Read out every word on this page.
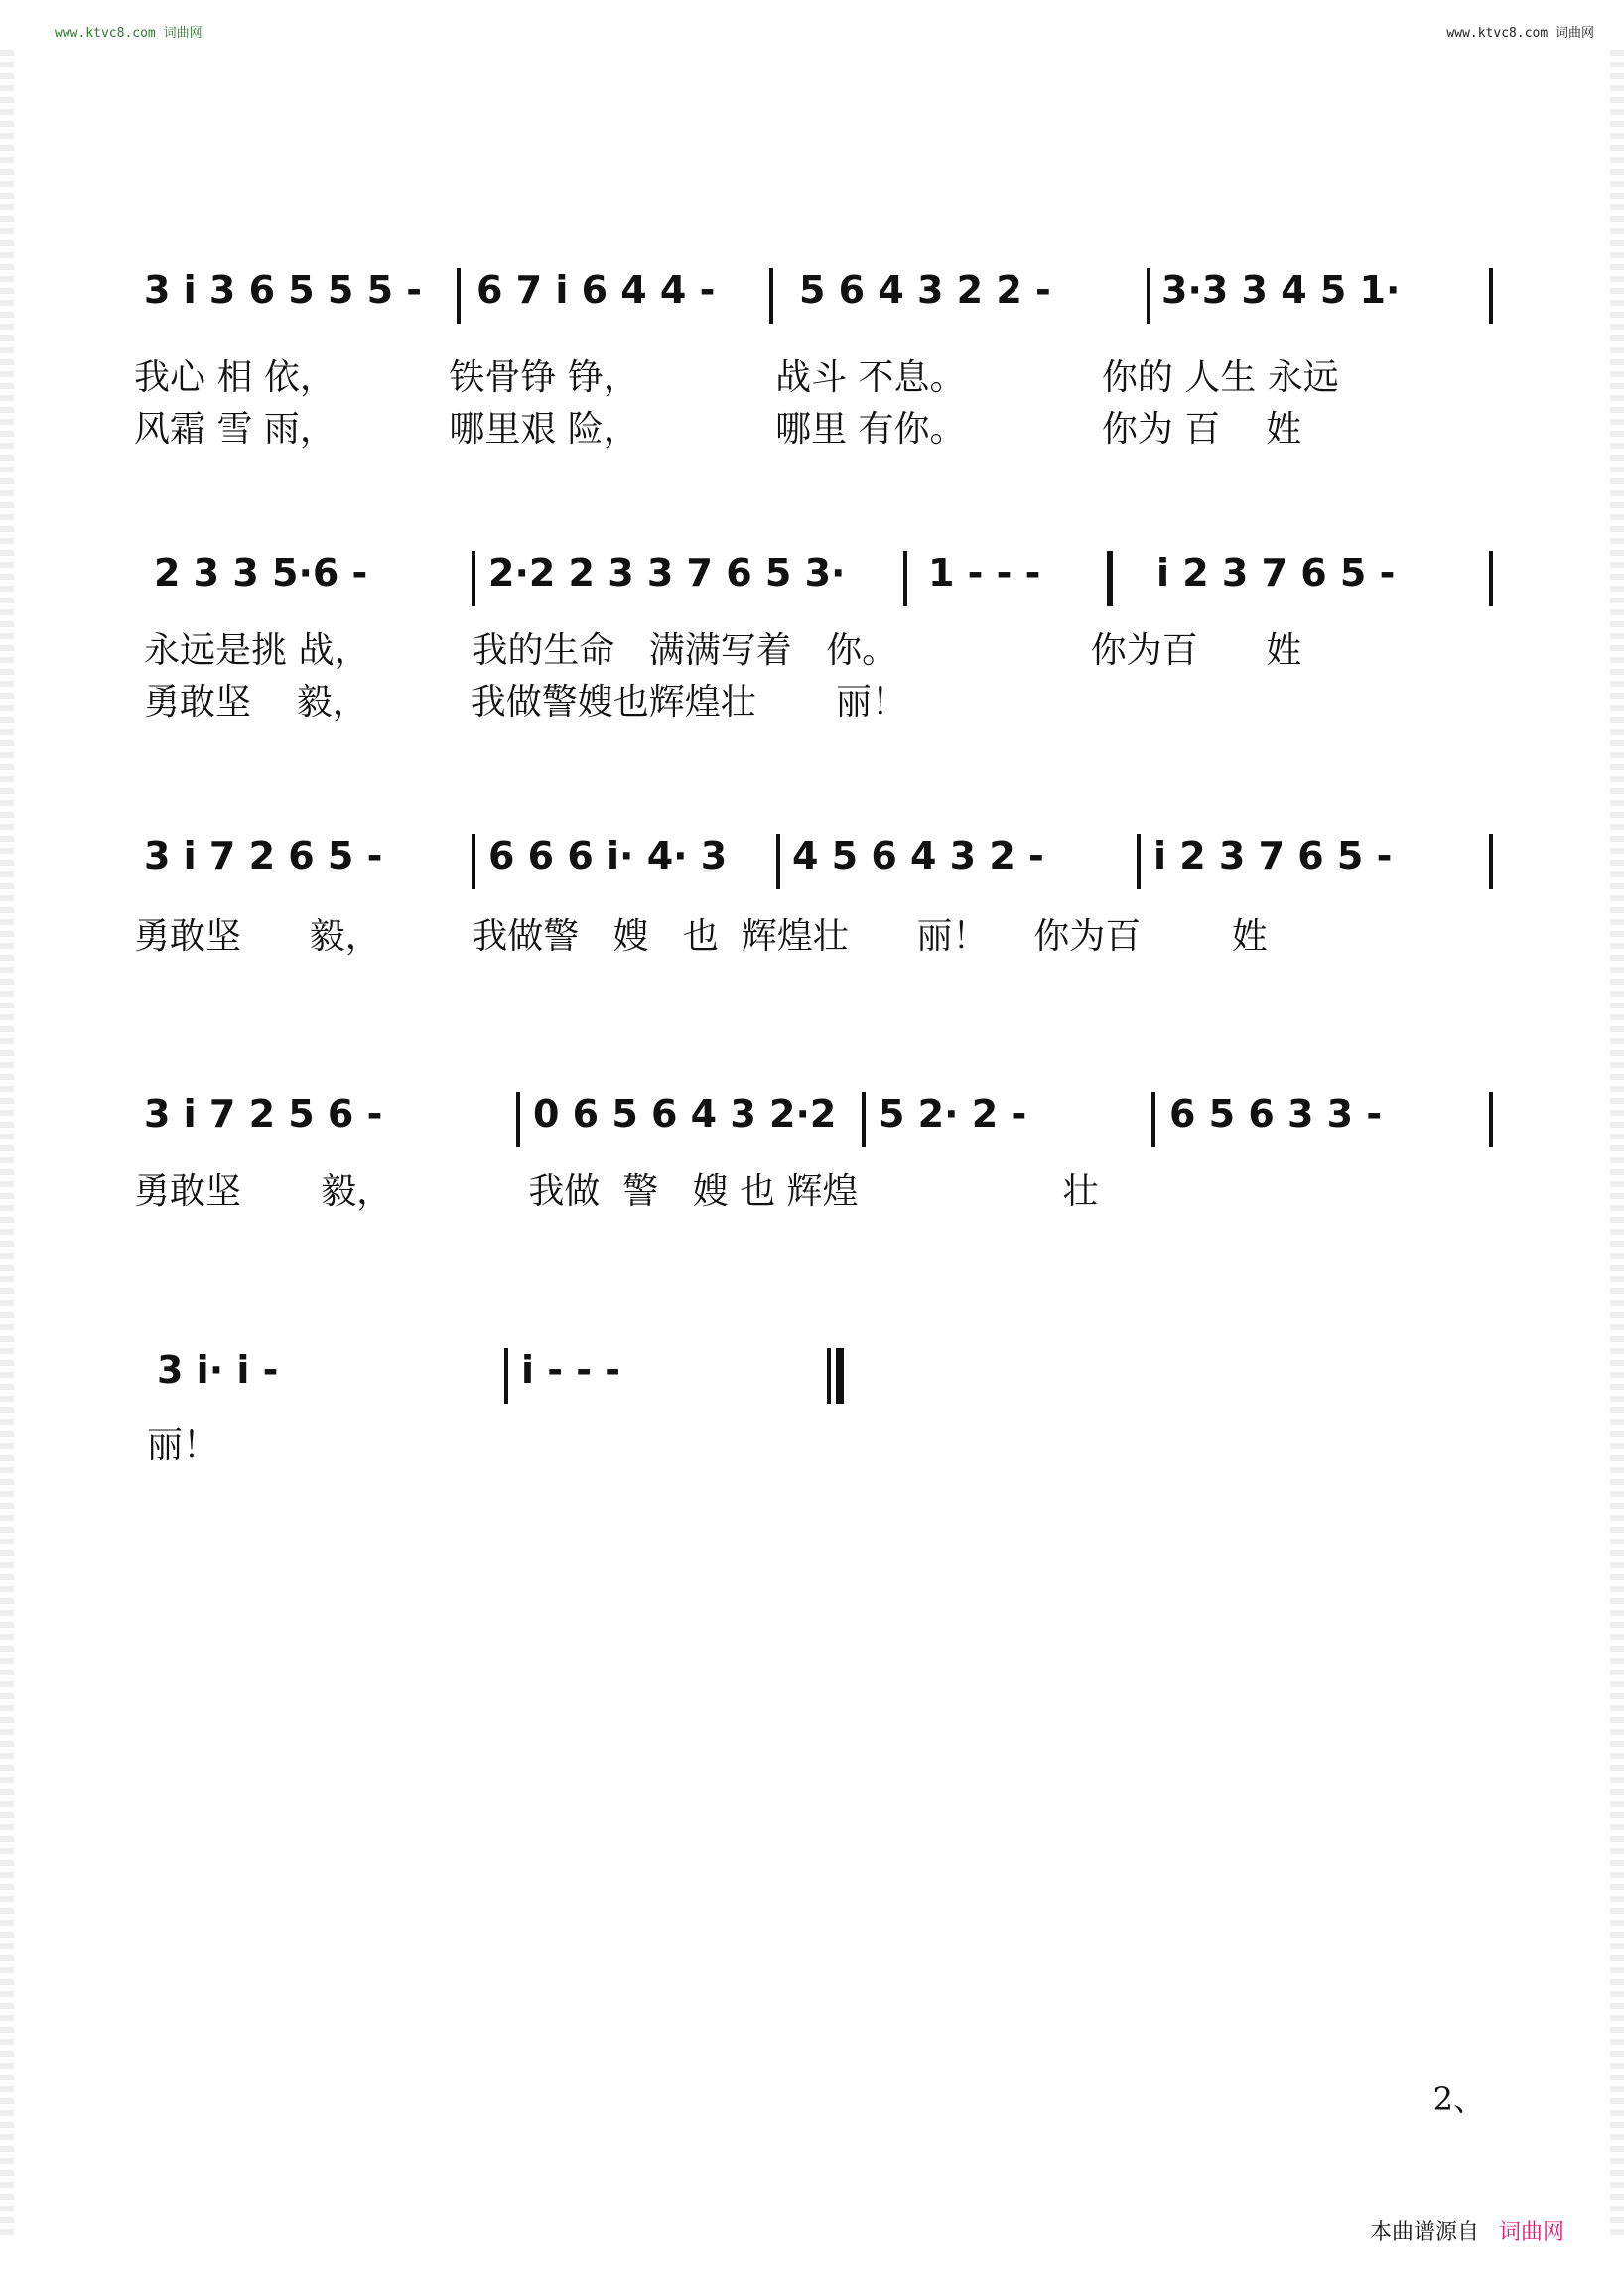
www.ktvc8.com 词曲网	www.ktvc8.com 词曲网
3 i 3 6 5 5 5 - 6 7 i 6 4 4 - 5 6 4 3 2 2 -	3·3 3 4 5 1·
我心 相 依，          铁骨铮 铮，            战斗 不息。            你的 人生 永远
风霜 雪 雨，          哪里艰 险，            哪里 有你。            你为 百    姓
2 3 3 5·6 -	2·2 2 3 3 7 6 5 3· 1 - - -	i 2 3 7 6 5 -
永远是挑 战，         我的生命   满满写着   你。                 你为百      姓
勇敢坚    毅，         我做警嫂也辉煌壮       丽！
3 i 7 2 6 5 -	6 6 6 i· 4· 3 4 5 6 4 3 2 -	i 2 3 7 6 5 -
勇敢坚      毅，        我做警   嫂   也  辉煌壮      丽！    你为百        姓
3 i 7 2 5 6 -	0 6 5 6 4 3 2·2 5 2· 2 -	6 5 6 3 3 -
勇敢坚       毅，            我做  警   嫂 也 辉煌                  壮
3 i· i -	i - - -
丽！
2、
本曲谱源自 词曲网
